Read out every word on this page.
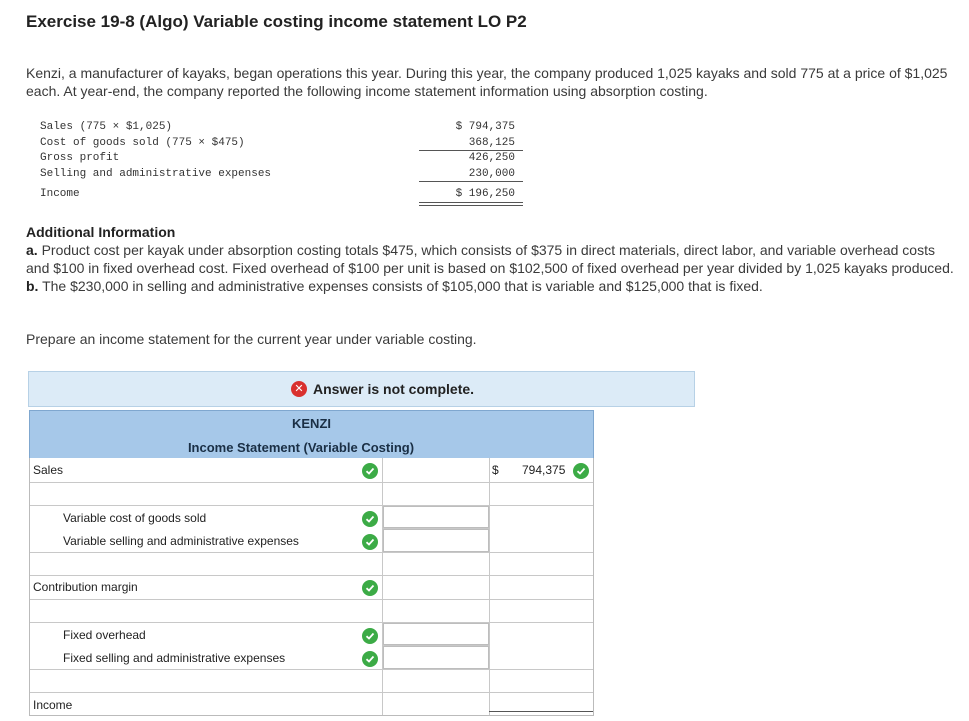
Exercise 19-8 (Algo) Variable costing income statement LO P2
Kenzi, a manufacturer of kayaks, began operations this year. During this year, the company produced 1,025 kayaks and sold 775 at a price of $1,025 each. At year-end, the company reported the following income statement information using absorption costing.
Sales (775 × $1,025)	$ 794,375
Cost of goods sold (775 × $475)	368,125
Gross profit	426,250
Selling and administrative expenses	230,000
Income	$ 196,250
Additional Information
a. Product cost per kayak under absorption costing totals $475, which consists of $375 in direct materials, direct labor, and variable overhead costs and $100 in fixed overhead cost. Fixed overhead of $100 per unit is based on $102,500 of fixed overhead per year divided by 1,025 kayaks produced.
b. The $230,000 in selling and administrative expenses consists of $105,000 that is variable and $125,000 that is fixed.
Prepare an income statement for the current year under variable costing.
✕ Answer is not complete.
KENZI
Income Statement (Variable Costing)
Sales	$ 794,375
Variable cost of goods sold
Variable selling and administrative expenses
Contribution margin
Fixed overhead
Fixed selling and administrative expenses
Income
